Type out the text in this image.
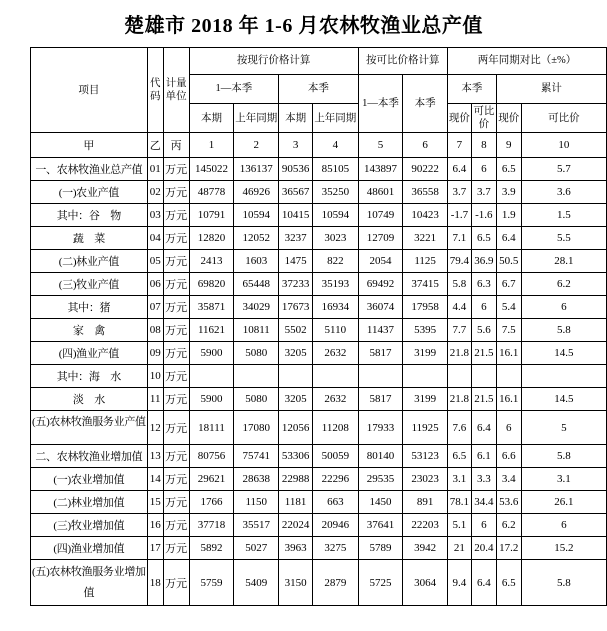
楚雄市 2018 年 1-6 月农林牧渔业总产值
项目	代码	计量单位	按现行价格计算				按可比价格计算		两年同期对比（±%）			
			1—本季		本季		1—本季	本季	本季		累计	
			本期	上年同期	本期	上年同期			现价	可比价	现价	可比价
甲	乙	丙	1	2	3	4	5	6	7	8	9	10
一、农林牧渔业总产值	01	万元	145022	136137	90536	85105	143897	90222	6.4	6	6.5	5.7
(一)农业产值	02	万元	48778	46926	36567	35250	48601	36558	3.7	3.7	3.9	3.6
其中：谷　物	03	万元	10791	10594	10415	10594	10749	10423	-1.7	-1.6	1.9	1.5
蔬　菜	04	万元	12820	12052	3237	3023	12709	3221	7.1	6.5	6.4	5.5
(二)林业产值	05	万元	2413	1603	1475	822	2054	1125	79.4	36.9	50.5	28.1
(三)牧业产值	06	万元	69820	65448	37233	35193	69492	37415	5.8	6.3	6.7	6.2
其中：猪	07	万元	35871	34029	17673	16934	36074	17958	4.4	6	5.4	6
家　禽	08	万元	11621	10811	5502	5110	11437	5395	7.7	5.6	7.5	5.8
(四)渔业产值	09	万元	5900	5080	3205	2632	5817	3199	21.8	21.5	16.1	14.5
其中：海　水	10	万元										
淡　水	11	万元	5900	5080	3205	2632	5817	3199	21.8	21.5	16.1	14.5
(五)农林牧渔服务业产值	12	万元	18111	17080	12056	11208	17933	11925	7.6	6.4	6	5
二、农林牧渔业增加值	13	万元	80756	75741	53306	50059	80140	53123	6.5	6.1	6.6	5.8
(一)农业增加值	14	万元	29621	28638	22988	22296	29535	23023	3.1	3.3	3.4	3.1
(二)林业增加值	15	万元	1766	1150	1181	663	1450	891	78.1	34.4	53.6	26.1
(三)牧业增加值	16	万元	37718	35517	22024	20946	37641	22203	5.1	6	6.2	6
(四)渔业增加值	17	万元	5892	5027	3963	3275	5789	3942	21	20.4	17.2	15.2
(五)农林牧渔服务业增加值	18	万元	5759	5409	3150	2879	5725	3064	9.4	6.4	6.5	5.8
